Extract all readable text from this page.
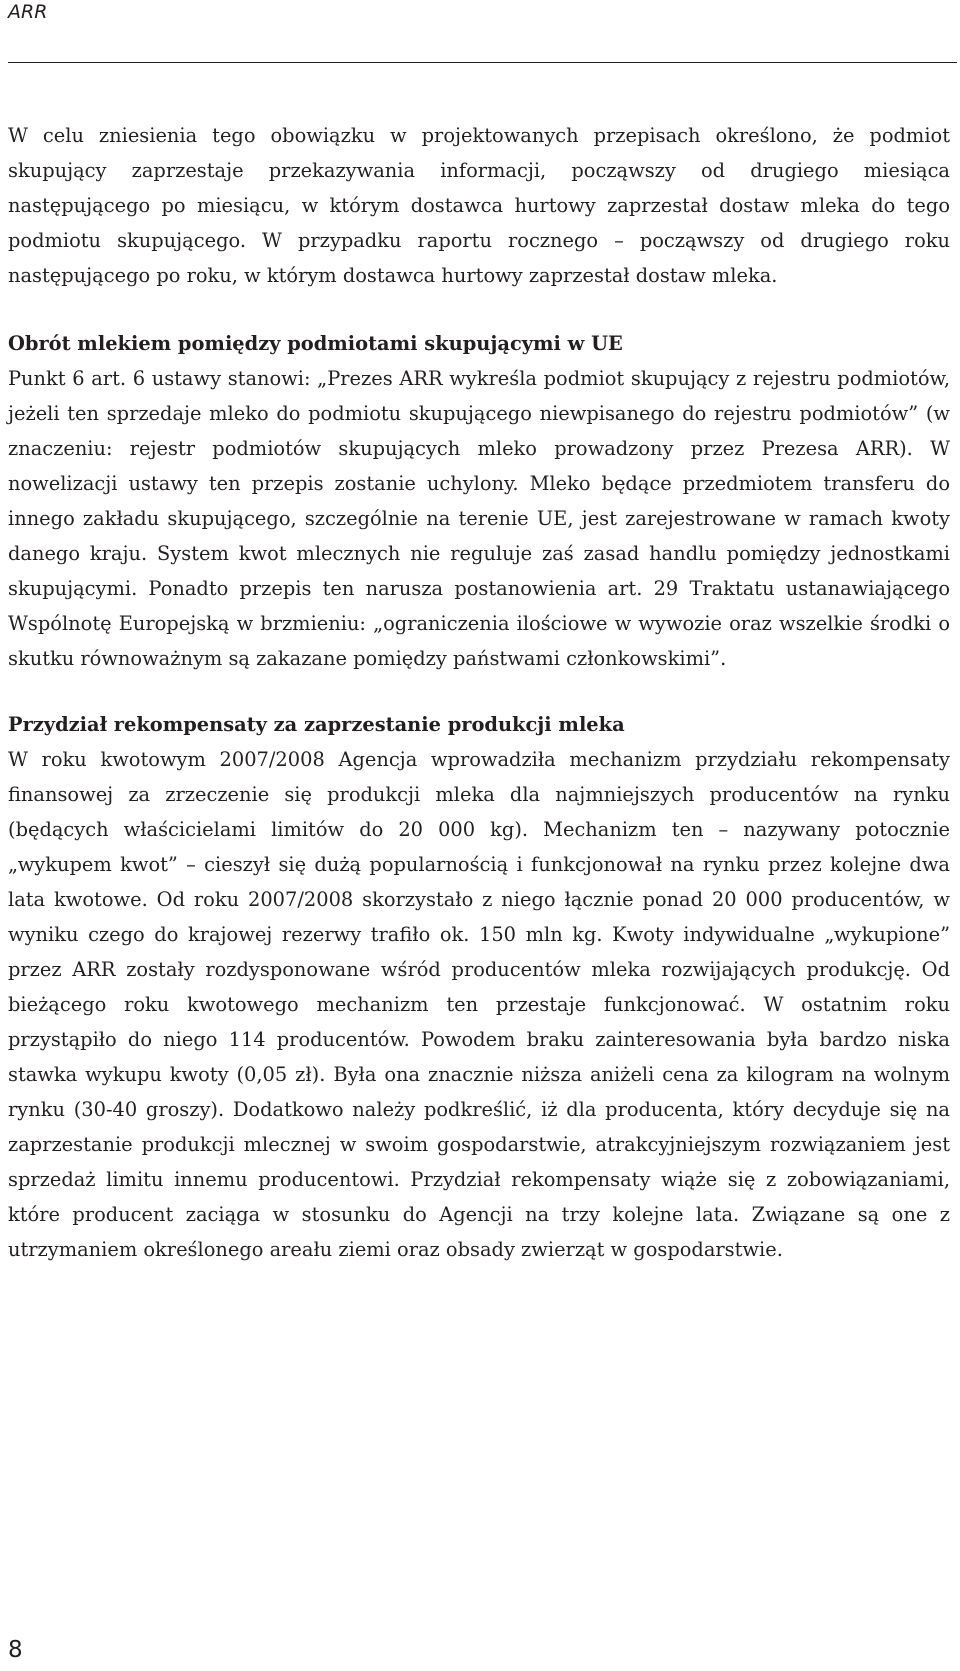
ARR

W celu zniesienia tego obowiązku w projektowanych przepisach określono, że podmiot skupujący zaprzestaje przekazywania informacji, począwszy od drugiego miesiąca następującego po miesiącu, w którym dostawca hurtowy zaprzestał dostaw mleka do tego podmiotu skupującego. W przypadku raportu rocznego – począwszy od drugiego roku następującego po roku, w którym dostawca hurtowy zaprzestał dostaw mleka.

Obrót mlekiem pomiędzy podmiotami skupującymi w UE

Punkt 6 art. 6 ustawy stanowi: „Prezes ARR wykreśla podmiot skupujący z rejestru podmiotów, jeżeli ten sprzedaje mleko do podmiotu skupującego niewpisanego do rejestru podmiotów” (w znaczeniu: rejestr podmiotów skupujących mleko prowadzony przez Prezesa ARR). W nowelizacji ustawy ten przepis zostanie uchylony. Mleko będące przedmiotem transferu do innego zakładu skupującego, szczególnie na terenie UE, jest zarejestrowane w ramach kwoty danego kraju. System kwot mlecznych nie reguluje zaś zasad handlu pomiędzy jednostkami skupującymi. Ponadto przepis ten narusza postanowienia art. 29 Traktatu ustanawiającego Wspólnotę Europejską w brzmieniu: „ograniczenia ilościowe w wywozie oraz wszelkie środki o skutku równoważnym są zakazane pomiędzy państwami członkowskimi”.

Przydział rekompensaty za zaprzestanie produkcji mleka

W roku kwotowym 2007/2008 Agencja wprowadziła mechanizm przydziału rekompensaty finansowej za zrzeczenie się produkcji mleka dla najmniejszych producentów na rynku (będących właścicielami limitów do 20 000 kg). Mechanizm ten – nazywany potocznie „wykupem kwot” – cieszył się dużą popularnością i funkcjonował na rynku przez kolejne dwa lata kwotowe. Od roku 2007/2008 skorzystało z niego łącznie ponad 20 000 producentów, w wyniku czego do krajowej rezerwy trafiło ok. 150 mln kg. Kwoty indywidualne „wykupione” przez ARR zostały rozdysponowane wśród producentów mleka rozwijających produkcję. Od bieżącego roku kwotowego mechanizm ten przestaje funkcjonować. W ostatnim roku przystąpiło do niego 114 producentów. Powodem braku zainteresowania była bardzo niska stawka wykupu kwoty (0,05 zł). Była ona znacznie niższa aniżeli cena za kilogram na wolnym rynku (30-40 groszy). Dodatkowo należy podkreślić, iż dla producenta, który decyduje się na zaprzestanie produkcji mlecznej w swoim gospodarstwie, atrakcyjniejszym rozwiązaniem jest sprzedaż limitu innemu producentowi. Przydział rekompensaty wiąże się z zobowiązaniami, które producent zaciąga w stosunku do Agencji na trzy kolejne lata. Związane są one z utrzymaniem określonego areału ziemi oraz obsady zwierząt w gospodarstwie.

8
